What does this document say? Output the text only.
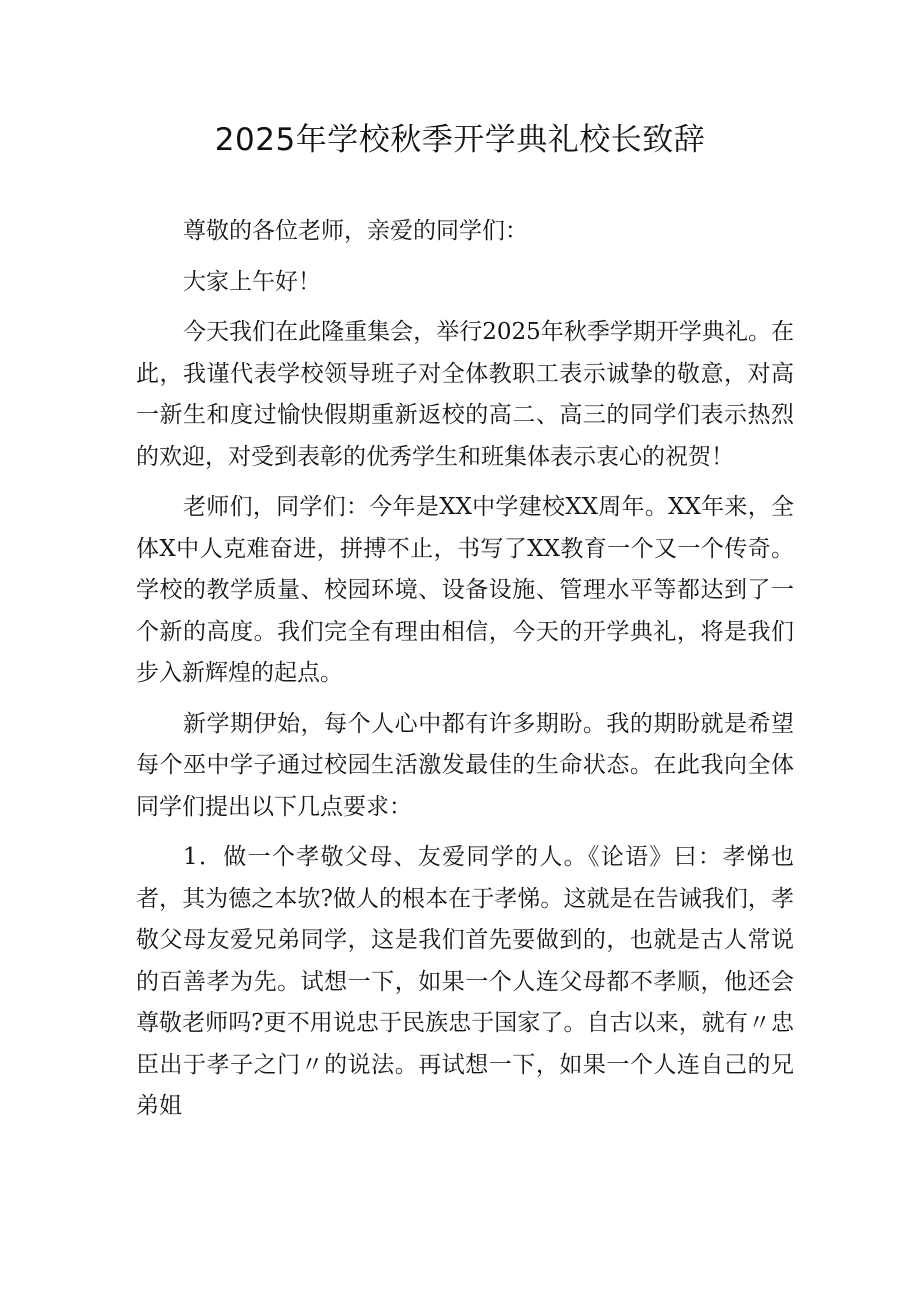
2025年学校秋季开学典礼校长致辞

尊敬的各位老师，亲爱的同学们：

大家上午好！

今天我们在此隆重集会，举行2025年秋季学期开学典礼。在此，我谨代表学校领导班子对全体教职工表示诚挚的敬意，对高一新生和度过愉快假期重新返校的高二、高三的同学们表示热烈的欢迎，对受到表彰的优秀学生和班集体表示衷心的祝贺！

老师们，同学们：今年是XX中学建校XX周年。XX年来，全体X中人克难奋进，拼搏不止，书写了XX教育一个又一个传奇。学校的教学质量、校园环境、设备设施、管理水平等都达到了一个新的高度。我们完全有理由相信，今天的开学典礼，将是我们步入新辉煌的起点。

新学期伊始，每个人心中都有许多期盼。我的期盼就是希望每个巫中学子通过校园生活激发最佳的生命状态。在此我向全体同学们提出以下几点要求：

1．做一个孝敬父母、友爱同学的人。《论语》曰：孝悌也者，其为德之本欤?做人的根本在于孝悌。这就是在告诫我们，孝敬父母友爱兄弟同学，这是我们首先要做到的，也就是古人常说的百善孝为先。试想一下，如果一个人连父母都不孝顺，他还会尊敬老师吗?更不用说忠于民族忠于国家了。自古以来，就有〃忠臣出于孝子之门〃的说法。再试想一下，如果一个人连自己的兄弟姐
